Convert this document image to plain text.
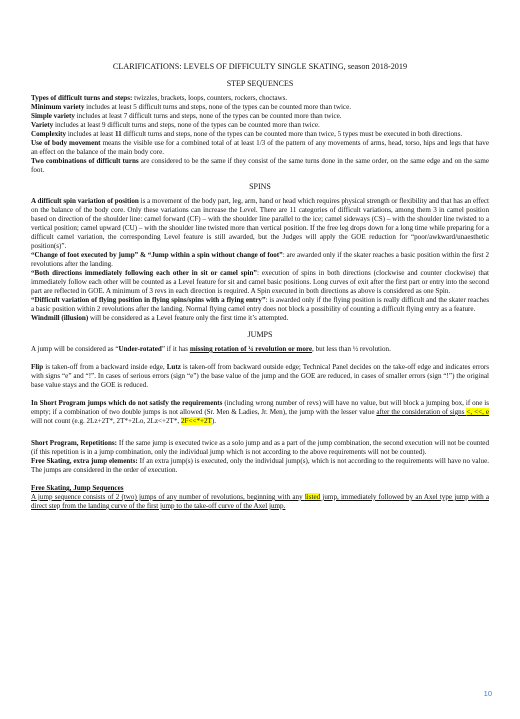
CLARIFICATIONS: LEVELS OF DIFFICULTY SINGLE SKATING, season 2018-2019
STEP SEQUENCES

Types of difficult turns and steps: twizzles, brackets, loops, counters, rockers, choctaws.

Minimum variety includes at least 5 difficult turns and steps, none of the types can be counted more than twice.

Simple variety includes at least 7 difficult turns and steps, none of the types can be counted more than twice.

Variety includes at least 9 difficult turns and steps, none of the types can be counted more than twice.

Complexity includes at least 11 difficult turns and steps, none of the types can be counted more than twice, 5 types must be executed in both directions.

Use of body movement means the visible use for a combined total of at least 1/3 of the pattern of any movements of arms, head, torso, hips and legs that have an effect on the balance of the main body core.

Two combinations of difficult turns are considered to be the same if they consist of the same turns done in the same order, on the same edge and on the same foot.

SPINS

A difficult spin variation of position is a movement of the body part, leg, arm, hand or head which requires physical strength or flexibility and that has an effect on the balance of the body core. Only these variations can increase the Level. There are 11 categories of difficult variations, among them 3 in camel position based on direction of the shoulder line: camel forward (CF) – with the shoulder line parallel to the ice; camel sideways (CS) – with the shoulder line twisted to a vertical position; camel upward (CU) – with the shoulder line twisted more than vertical position. If the free leg drops down for a long time while preparing for a difficult camel variation, the corresponding Level feature is still awarded, but the Judges will apply the GOE reduction for “poor/awkward/unaesthetic position(s)”.

“Change of foot executed by jump” & “Jump within a spin without change of foot”: are awarded only if the skater reaches a basic position within the first 2 revolutions after the landing.

“Both directions immediately following each other in sit or camel spin”: execution of spins in both directions (clockwise and counter clockwise) that immediately follow each other will be counted as a Level feature for sit and camel basic positions. Long curves of exit after the first part or entry into the second part are reflected in GOE. A minimum of 3 revs in each direction is required. A Spin executed in both directions as above is considered as one Spin.

“Difficult variation of flying position in flying spins/spins with a flying entry”: is awarded only if the flying position is really difficult and the skater reaches a basic position within 2 revolutions after the landing. Normal flying camel entry does not block a possibility of counting a difficult flying entry as a feature.

Windmill (illusion) will be considered as a Level feature only the first time it’s attempted.

JUMPS

A jump will be considered as “Under-rotated” if it has missing rotation of ¼ revolution or more, but less than ½ revolution.

Flip is taken-off from a backward inside edge, Lutz is taken-off from backward outside edge; Technical Panel decides on the take-off edge and indicates errors with signs “e” and “!”. In cases of serious errors (sign “e”) the base value of the jump and the GOE are reduced, in cases of smaller errors (sign “!”) the original base value stays and the GOE is reduced.

In Short Program jumps which do not satisfy the requirements (including wrong number of revs) will have no value, but will block a jumping box, if one is empty; if a combination of two double jumps is not allowed (Sr. Men & Ladies, Jr. Men), the jump with the lesser value after the consideration of signs <, <<, e will not count (e.g. 2Lz+2T*, 2T*+2Lo, 2Lz<+2T*, 2F<<*+2T).

Short Program, Repetitions: If the same jump is executed twice as a solo jump and as a part of the jump combination, the second execution will not be counted (if this repetition is in a jump combination, only the individual jump which is not according to the above requirements will not be counted).

Free Skating, extra jump elements: If an extra jump(s) is executed, only the individual jump(s), which is not according to the requirements will have no value. The jumps are considered in the order of execution.

Free Skating, Jump Sequences

A jump sequence consists of 2 (two) jumps of any number of revolutions, beginning with any listed jump, immediately followed by an Axel type jump with a direct step from the landing curve of the first jump to the take-off curve of the Axel jump.

10
